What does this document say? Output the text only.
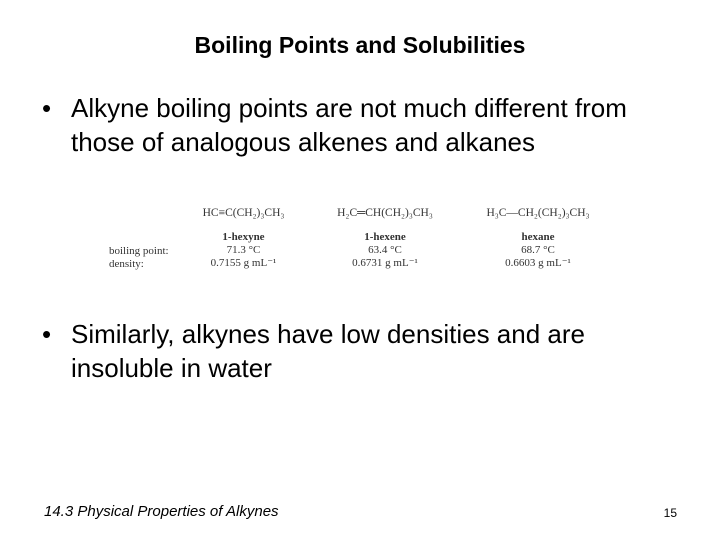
Boiling Points and Solubilities
• Alkyne boiling points are not much different from those of analogous alkenes and alkanes
boiling point:
density:
HC≡C(CH₂)₃CH₃
1-hexyne
71.3 °C
0.7155 g mL⁻¹
H₂C═CH(CH₂)₃CH₃
1-hexene
63.4 °C
0.6731 g mL⁻¹
H₃C—CH₂(CH₂)₃CH₃
hexane
68.7 °C
0.6603 g mL⁻¹
• Similarly, alkynes have low densities and are insoluble in water
14.3 Physical Properties of Alkynes	15
